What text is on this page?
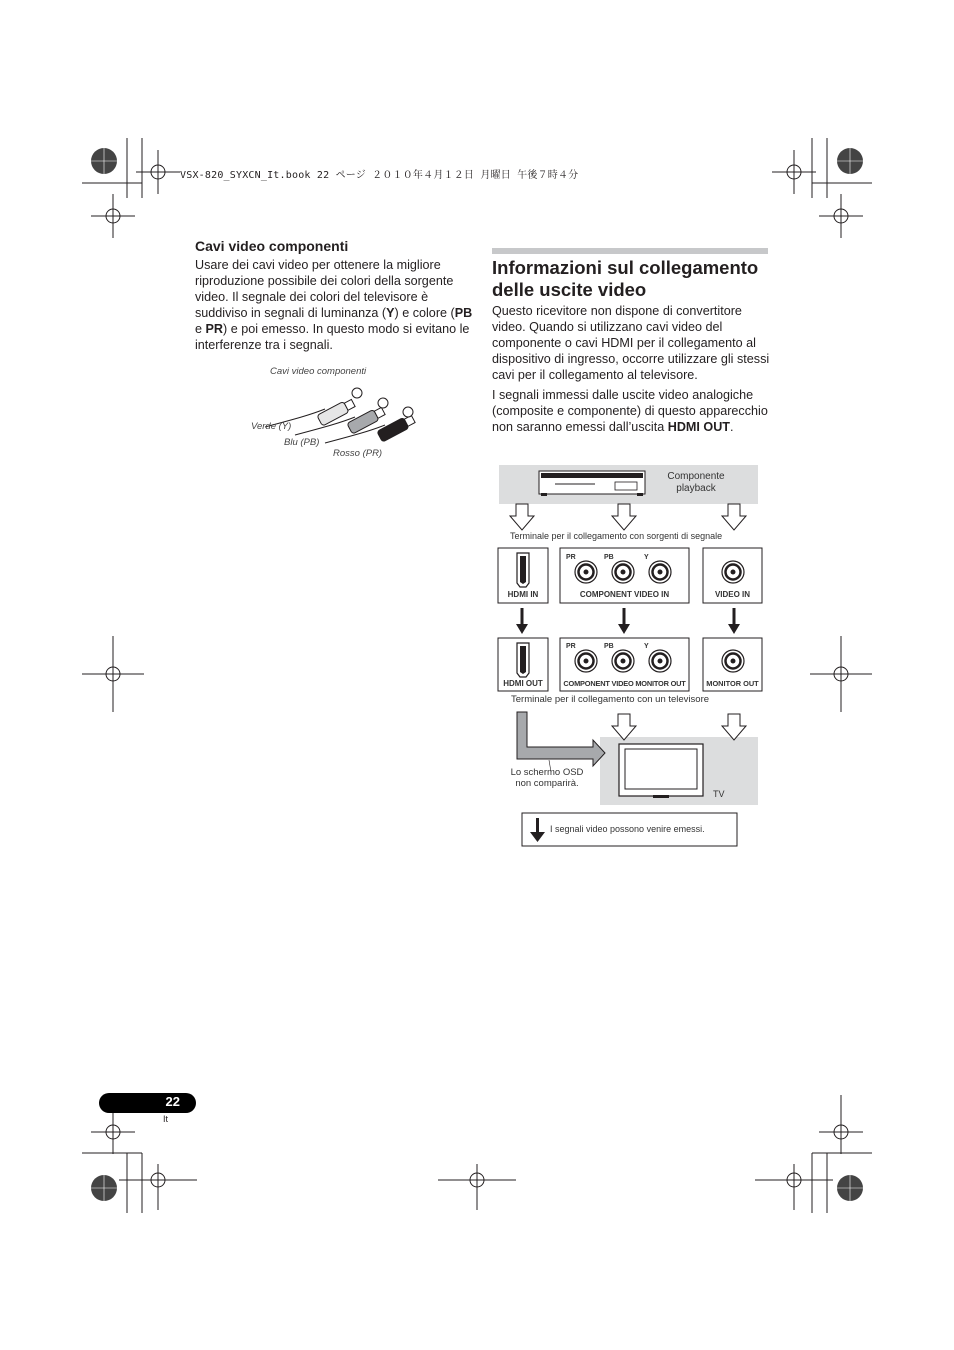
VSX-820_SYXCN_It.book 22 ページ ２０１０年４月１２日 月曜日 午後７時４分
Cavi video componenti
Usare dei cavi video per ottenere la migliore riproduzione possibile dei colori della sorgente video. Il segnale dei colori del televisore è suddiviso in segnali di luminanza (Y) e colore (PB e PR) e poi emesso. In questo modo si evitano le interferenze tra i segnali.
Cavi video componenti
Verde (Y)
Blu (PB)
Rosso (PR)
Informazioni sul collegamento delle uscite video
Questo ricevitore non dispone di convertitore video. Quando si utilizzano cavi video del componente o cavi HDMI per il collegamento al dispositivo di ingresso, occorre utilizzare gli stessi cavi per il collegamento al televisore.
I segnali immessi dalle uscite video analogiche (composite e componente) di questo apparecchio non saranno emessi dall’uscita HDMI OUT.
Componente playback
Terminale per il collegamento con sorgenti di segnale
PR	PB	Y
HDMI IN	COMPONENT VIDEO IN	VIDEO IN
PR	PB	Y
HDMI OUT	COMPONENT VIDEO MONITOR OUT	MONITOR OUT
Terminale per il collegamento con un televisore
Lo schermo OSD
non comparirà.
TV
I segnali video possono venire emessi.
22
It
